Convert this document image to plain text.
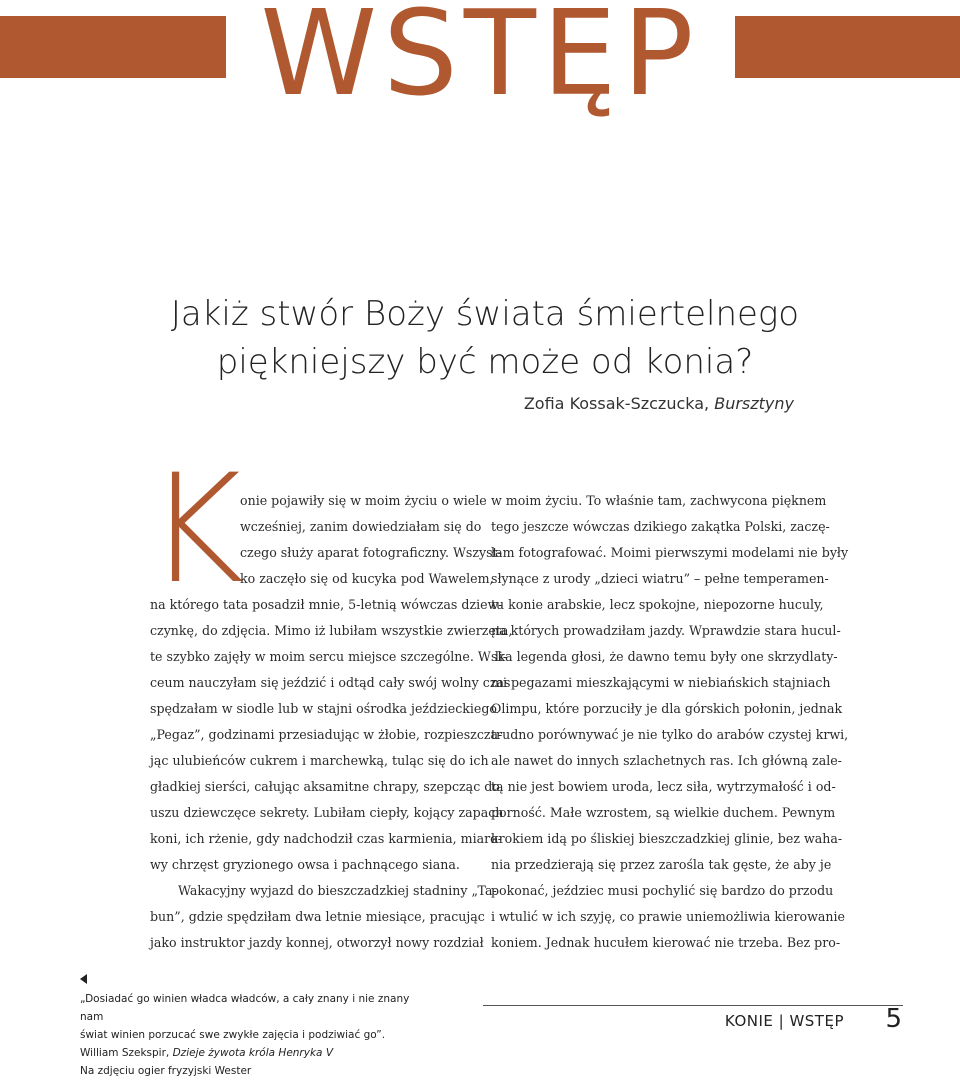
WSTĘP
Jakiż stwór Boży świata śmiertelnego
piękniejszy być może od konia?
Zofia Kossak-Szczucka, Bursztyny
K
onie pojawiły się w moim życiu o wiele
wcześniej, zanim dowiedziałam się do
czego służy aparat fotograficzny. Wszyst-
ko zaczęło się od kucyka pod Wawelem,
na którego tata posadził mnie, 5-letnią wówczas dziew-
czynkę, do zdjęcia. Mimo iż lubiłam wszystkie zwierzęta,
te szybko zajęły w moim sercu miejsce szczególne. W li-
ceum nauczyłam się jeździć i odtąd cały swój wolny czas
spędzałam w siodle lub w stajni ośrodka jeździeckiego
„Pegaz”, godzinami przesiadując w żłobie, rozpieszcza-
jąc ulubieńców cukrem i marchewką, tuląc się do ich
gładkiej sierści, całując aksamitne chrapy, szepcząc do
uszu dziewczęce sekrety. Lubiłam ciepły, kojący zapach
koni, ich rżenie, gdy nadchodził czas karmienia, miaro-
wy chrzęst gryzionego owsa i pachnącego siana.
Wakacyjny wyjazd do bieszczadzkiej stadniny „Ta-
bun”, gdzie spędziłam dwa letnie miesiące, pracując
jako instruktor jazdy konnej, otworzył nowy rozdział
w moim życiu. To właśnie tam, zachwycona pięknem
tego jeszcze wówczas dzikiego zakątka Polski, zaczę-
łam fotografować. Moimi pierwszymi modelami nie były
słynące z urody „dzieci wiatru” – pełne temperamen-
tu konie arabskie, lecz spokojne, niepozorne huculy,
na których prowadziłam jazdy. Wprawdzie stara hucul-
ska legenda głosi, że dawno temu były one skrzydlaty-
mi pegazami mieszkającymi w niebiańskich stajniach
Olimpu, które porzuciły je dla górskich połonin, jednak
trudno porównywać je nie tylko do arabów czystej krwi,
ale nawet do innych szlachetnych ras. Ich główną zale-
tą nie jest bowiem uroda, lecz siła, wytrzymałość i od-
porność. Małe wzrostem, są wielkie duchem. Pewnym
krokiem idą po śliskiej bieszczadzkiej glinie, bez waha-
nia przedzierają się przez zarośla tak gęste, że aby je
pokonać, jeździec musi pochylić się bardzo do przodu
i wtulić w ich szyję, co prawie uniemożliwia kierowanie
koniem. Jednak hucułem kierować nie trzeba. Bez pro-
„Dosiadać go winien władca władców, a cały znany i nie znany nam
świat winien porzucać swe zwykłe zajęcia i podziwiać go”.
William Szekspir, Dzieje żywota króla Henryka V
Na zdjęciu ogier fryzyjski Wester
KONIE | WSTĘP 5
